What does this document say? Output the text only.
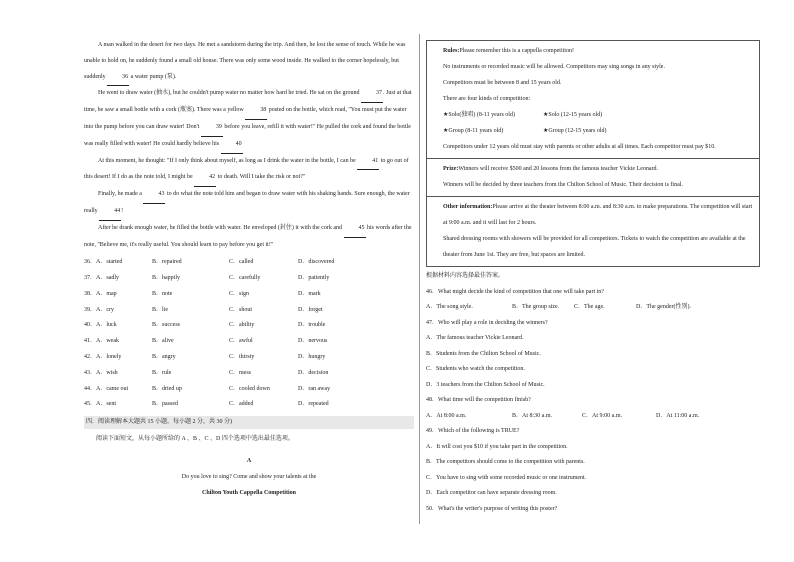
A man walked in the desert for two days. He met a sandstorm during the trip. And then, he lost the sense of touch. While he was unable to hold on, he suddenly found a small old house. There was only some wood inside. He walked to the corner hopelessly, but suddenly	36 a water pump (泵).

He went to draw water (抽水), but he couldn't pump water no matter how hard he tried. He sat on the ground	37. Just at that time, he saw a small bottle with a cork (瓶塞). There was a yellow	38 posted on the bottle, which read, "You must put the water into the pump before you can draw water! Don't	39 before you leave, refill it with water!" He pulled the cork and found the bottle was really filled with water! He could hardly believe his	40

At this moment, he thought: "If I only think about myself, as long as I drink the water in the bottle, I can be	41 to go out of this desert! If I do as the note told, I might be	42 to death. Will I take the risk or not?"

Finally, he made a	43 to do what the note told him and began to draw water with his shaking hands. Sure enough, the water really	44!

After he drank enough water, he filled the bottle with water. He enveloped (封住) it with the cork and	45 his words after the note, "Believe me, it's really useful. You should learn to pay before you get it!"

36．A．started	B．repaired	C．called	D．discovered
37．A．sadly	B．happily	C．carefully	D．patiently
38．A．map	B．note	C．sign	D．mark
39．A．cry	B．lie	C．shout	D．forget
40．A．luck	B．success	C．ability	D．trouble
41．A．weak	B．alive	C．awful	D．nervous
42．A．lonely	B．angry	C．thirsty	D．hungry
43．A．wish	B．rule	C．mess	D．decision
44．A．came out	B．dried up	C．cooled down	D．ran away
45．A．sent	B．passed	C．added	D．repeated
四．阅读理解本大题共 15 小题，每小题 2 分，共 30 分)

阅读下面短文，从每小题所给的 A 、B 、C 、D 四个选项中选出最佳选项。

A

Do you love to sing? Come and show your talents at the

Chilton Youth Cappella Competition

Rules:Please remember this is a cappella competition!
No instruments or recorded music will be allowed. Competitors may sing songs in any style.
Competitors must be between 8 and 15 years old.
There are four kinds of competition:
★Solo(独唱) (8-11 years old)	★Solo (12-15 years old)
★Group (8-11 years old)	★Group (12-15 years old)
Competitors under 12 years old must stay with parents or other adults at all times. Each competitor must pay $10.
Prize:Winners will receive $500 and 20 lessons from the famous teacher Vickie Leonard.
Winners will be decided by three teachers from the Chilton School of Music. Their decision is final.
Other information:Please arrive at the theater between 8:00 a.m. and 8:30 a.m. to make preparations. The competition will start at 9:00 a.m. and it will last for 2 hours.
Shared dressing rooms with showers will be provided for all competitors. Tickets to watch the competition are available at the theater from June 1st. They are free, but spaces are limited.
根据材料内容选择最佳答案。
46．What might decide the kind of competition that one will take part in?
A．The song style.	B．The group size.	C．The age.	D．The gender(性别).
47．Who will play a role in deciding the winners?
A．The famous teacher Vickie Leonard.
B．Students from the Chilton School of Music.
C．Students who watch the competition.
D．3 teachers from the Chilton School of Music.
48．What time will the competition finish?
A．At 8:00 a.m.	B．At 8:30 a.m.	C．At 9:00 a.m.	D．At 11:00 a.m.
49．Which of the following is TRUE?
A．It will cost you $10 if you take part in the competition.
B．The competitors should come to the competition with parents.
C．You have to sing with some recorded music or one instrument.
D．Each competitor can have separate dressing room.
50．What's the writer's purpose of writing this poster?
